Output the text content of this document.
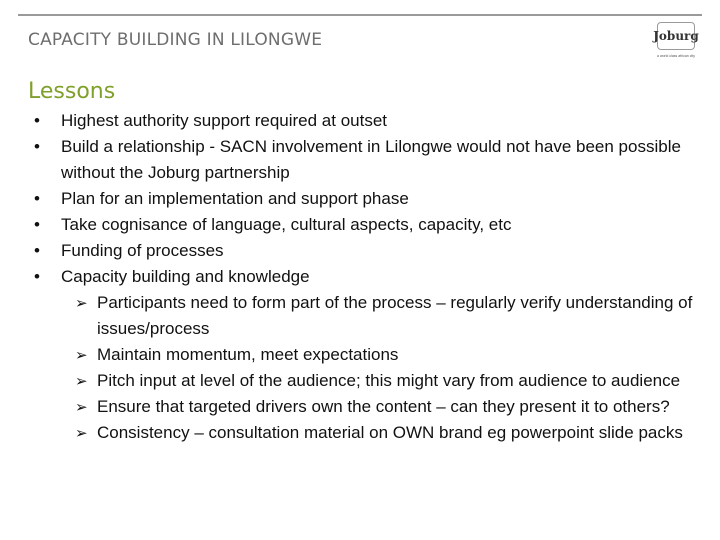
CAPACITY BUILDING IN LILONGWE	Joburg
a world class african city
Lessons
• Highest authority support required at outset
• Build a relationship - SACN involvement in Lilongwe would not have been possible without the Joburg partnership
• Plan for an implementation and support phase
• Take cognisance of language, cultural aspects, capacity, etc
• Funding of processes
• Capacity building and knowledge
➢ Participants need to form part of the process – regularly verify understanding of issues/process
➢ Maintain momentum, meet expectations
➢ Pitch input at level of the audience; this might vary from audience to audience
➢ Ensure that targeted drivers own the content – can they present it to others?
➢ Consistency – consultation material on OWN brand eg powerpoint slide packs
